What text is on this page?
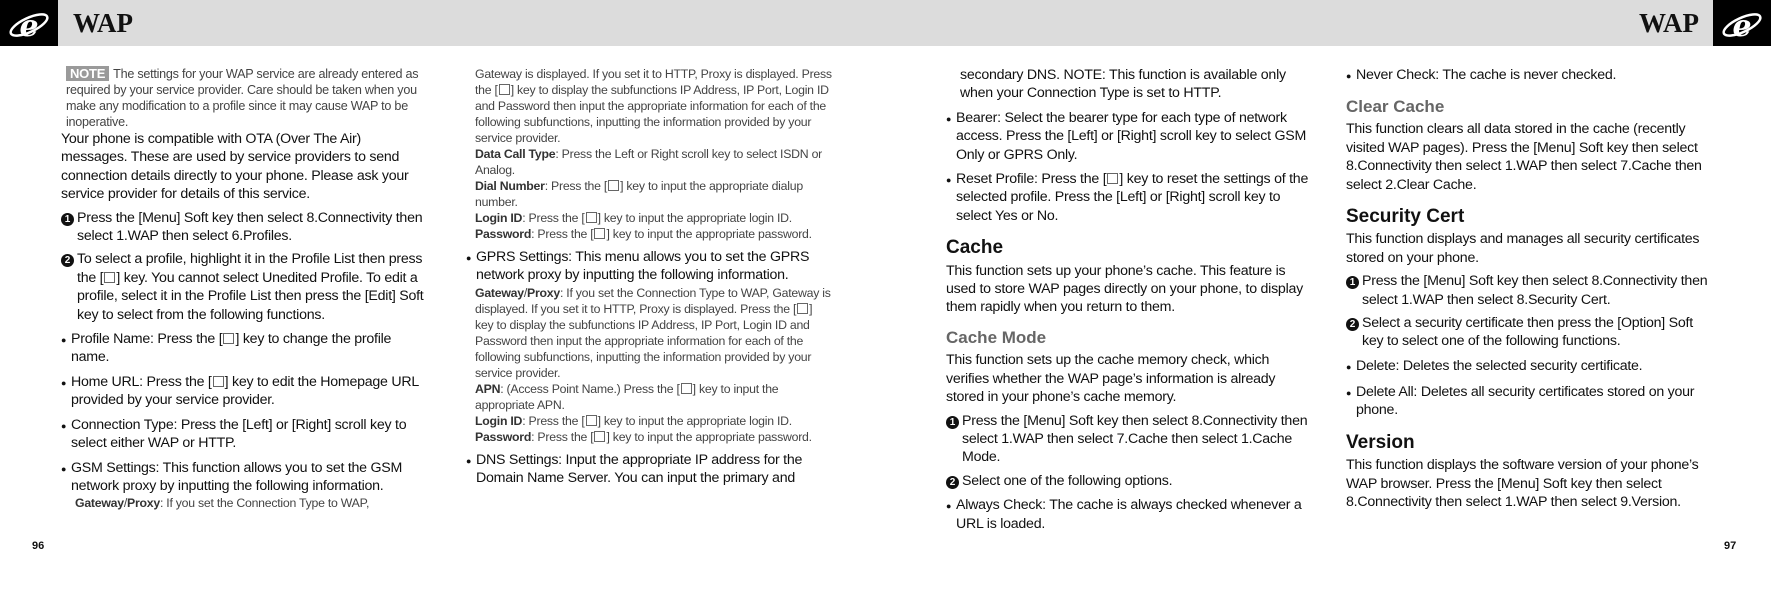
e WAP	WAP e

NOTE The settings for your WAP service are already entered as required by your service provider. Care should be taken when you make any modification to a profile since it may cause WAP to be inoperative.

Your phone is compatible with OTA (Over The Air) messages. These are used by service providers to send connection details directly to your phone. Please ask your service provider for details of this service.

1 Press the [Menu] Soft key then select 8.Connectivity then select 1.WAP then select 6.Profiles.

2 To select a profile, highlight it in the Profile List then press the [ ] key. You cannot select Unedited Profile. To edit a profile, select it in the Profile List then press the [Edit] Soft key to select from the following functions.

● Profile Name: Press the [ ] key to change the profile name.

● Home URL: Press the [ ] key to edit the Homepage URL provided by your service provider.

● Connection Type: Press the [Left] or [Right] scroll key to select either WAP or HTTP.

● GSM Settings: This function allows you to set the GSM network proxy by inputting the following information.

Gateway/Proxy: If you set the Connection Type to WAP,

Gateway is displayed. If you set it to HTTP, Proxy is displayed. Press the [ ] key to display the subfunctions IP Address, IP Port, Login ID and Password then input the appropriate information for each of the following subfunctions, inputting the information provided by your service provider.

Data Call Type: Press the Left or Right scroll key to select ISDN or Analog.

Dial Number: Press the [ ] key to input the appropriate dialup number.

Login ID: Press the [ ] key to input the appropriate login ID.

Password: Press the [ ] key to input the appropriate password.

● GPRS Settings: This menu allows you to set the GPRS network proxy by inputting the following information.

Gateway/Proxy: If you set the Connection Type to WAP, Gateway is displayed. If you set it to HTTP, Proxy is displayed. Press the [ ] key to display the subfunctions IP Address, IP Port, Login ID and Password then input the appropriate information for each of the following subfunctions, inputting the information provided by your service provider.

APN: (Access Point Name.) Press the [ ] key to input the appropriate APN.

Login ID: Press the [ ] key to input the appropriate login ID.

Password: Press the [ ] key to input the appropriate password.

● DNS Settings: Input the appropriate IP address for the Domain Name Server. You can input the primary and

secondary DNS. NOTE: This function is available only when your Connection Type is set to HTTP.

● Bearer: Select the bearer type for each type of network access. Press the [Left] or [Right] scroll key to select GSM Only or GPRS Only.

● Reset Profile: Press the [ ] key to reset the settings of the selected profile. Press the [Left] or [Right] scroll key to select Yes or No.

Cache

This function sets up your phone’s cache. This feature is used to store WAP pages directly on your phone, to display them rapidly when you return to them.

Cache Mode

This function sets up the cache memory check, which verifies whether the WAP page’s information is already stored in your phone’s cache memory.

1 Press the [Menu] Soft key then select 8.Connectivity then select 1.WAP then select 7.Cache then select 1.Cache Mode.

2 Select one of the following options.

● Always Check: The cache is always checked whenever a URL is loaded.

● Never Check: The cache is never checked.

Clear Cache

This function clears all data stored in the cache (recently visited WAP pages). Press the [Menu] Soft key then select 8.Connectivity then select 1.WAP then select 7.Cache then select 2.Clear Cache.

Security Cert

This function displays and manages all security certificates stored on your phone.

1 Press the [Menu] Soft key then select 8.Connectivity then select 1.WAP then select 8.Security Cert.

2 Select a security certificate then press the [Option] Soft key to select one of the following functions.

● Delete: Deletes the selected security certificate.

● Delete All: Deletes all security certificates stored on your phone.

Version

This function displays the software version of your phone’s WAP browser. Press the [Menu] Soft key then select 8.Connectivity then select 1.WAP then select 9.Version.

96	97
